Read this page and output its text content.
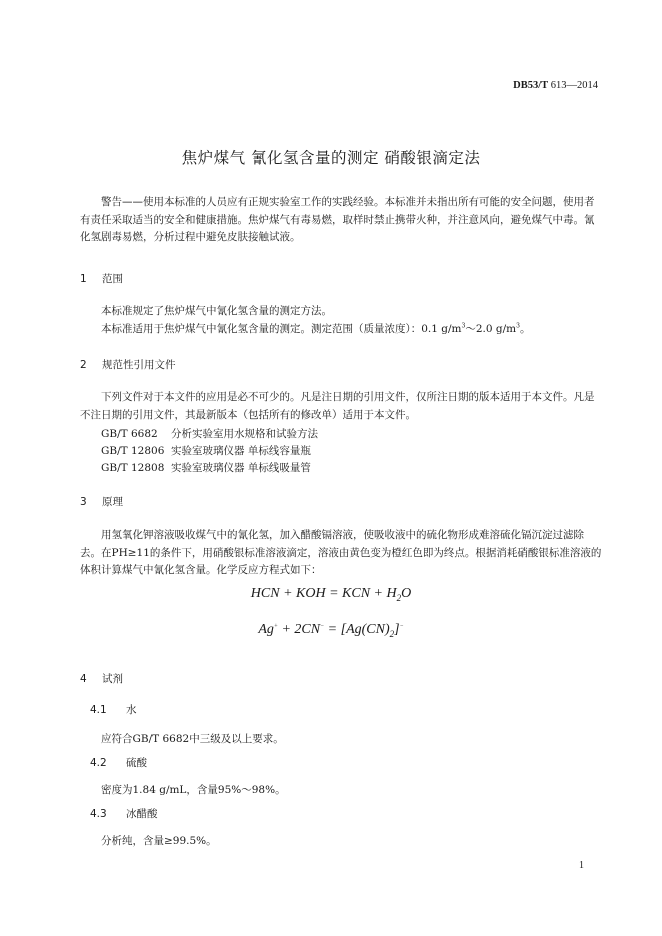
DB53/T 613—2014
焦炉煤气 氰化氢含量的测定 硝酸银滴定法
警告——使用本标准的人员应有正规实验室工作的实践经验。本标准并未指出所有可能的安全问题，使用者有责任采取适当的安全和健康措施。焦炉煤气有毒易燃，取样时禁止携带火种，并注意风向，避免煤气中毒。氰化氢剧毒易燃，分析过程中避免皮肤接触试液。
1 范围
本标准规定了焦炉煤气中氰化氢含量的测定方法。
本标准适用于焦炉煤气中氰化氢含量的测定。测定范围（质量浓度）：0.1 $g/m^3\sim 2.0$ $g/m^3$。
2 规范性引用文件
下列文件对于本文件的应用是必不可少的。凡是注日期的引用文件，仅所注日期的版本适用于本文件。凡是不注日期的引用文件，其最新版本（包括所有的修改单）适用于本文件。
GB/T 6682 分析实验室用水规格和试验方法
GB/T 12806 实验室玻璃仪器 单标线容量瓶
GB/T 12808 实验室玻璃仪器 单标线吸量管
3 原理
用氢氧化钾溶液吸收煤气中的氰化氢，加入醋酸镉溶液，使吸收液中的硫化物形成难溶硫化镉沉淀过滤除去。在PH≥11的条件下，用硝酸银标准溶液滴定，溶液由黄色变为橙红色即为终点。根据消耗硝酸银标准溶液的体积计算煤气中氰化氢含量。化学反应方程式如下：
HCN + KOH = KCN + $H_2O$
$Ag^+ + 2CN^- = [Ag(CN)_2]^-$
4 试剂
4.1 水
应符合GB/T 6682中三级及以上要求。
4.2 硫酸
密度为1.84 g/mL，含量95%～98%。
4.3 冰醋酸
分析纯，含量≥99.5%。
1
